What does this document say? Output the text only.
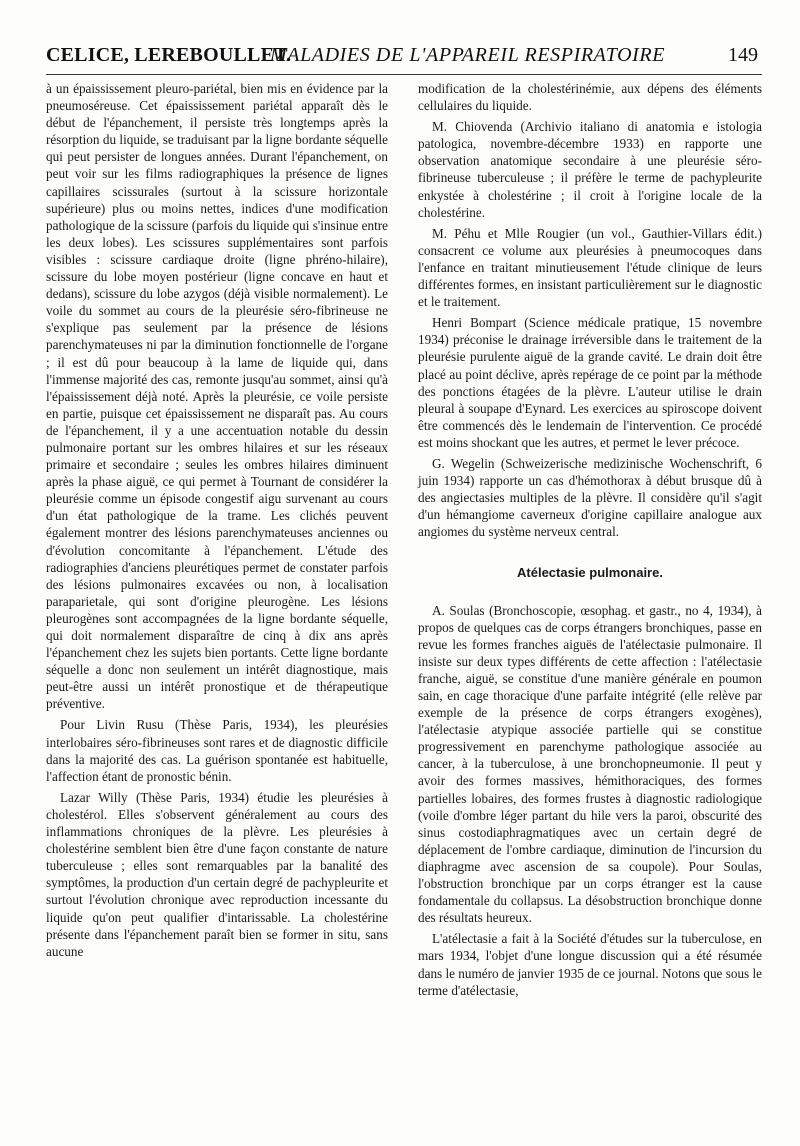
CELICE, LEREBOULLET.
MALADIES DE L'APPAREIL RESPIRATOIRE	149

à un épaississement pleuro-pariétal, bien mis en évidence par la pneumoséreuse. Cet épaississement pariétal apparaît dès le début de l'épanchement, il persiste très longtemps après la résorption du liquide, se traduisant par la ligne bordante séquelle qui peut persister de longues années. Durant l'épanchement, on peut voir sur les films radiographiques la présence de lignes capillaires scissurales (surtout à la scissure horizontale supérieure) plus ou moins nettes, indices d'une modification pathologique de la scissure (parfois du liquide qui s'insinue entre les deux lobes). Les scissures supplémentaires sont parfois visibles : scissure cardiaque droite (ligne phréno-hilaire), scissure du lobe moyen postérieur (ligne concave en haut et dedans), scissure du lobe azygos (déjà visible normalement). Le voile du sommet au cours de la pleurésie séro-fibrineuse ne s'explique pas seulement par la présence de lésions parenchymateuses ni par la diminution fonctionnelle de l'organe ; il est dû pour beaucoup à la lame de liquide qui, dans l'immense majorité des cas, remonte jusqu'au sommet, ainsi qu'à l'épaississement déjà noté. Après la pleurésie, ce voile persiste en partie, puisque cet épaississement ne disparaît pas. Au cours de l'épanchement, il y a une accentuation notable du dessin pulmonaire portant sur les ombres hilaires et sur les réseaux primaire et secondaire ; seules les ombres hilaires diminuent après la phase aiguë, ce qui permet à Tournant de considérer la pleurésie comme un épisode congestif aigu survenant au cours d'un état pathologique de la trame. Les clichés peuvent également montrer des lésions parenchymateuses anciennes ou d'évolution concomitante à l'épanchement. L'étude des radiographies d'anciens pleurétiques permet de constater parfois des lésions pulmonaires excavées ou non, à localisation paraparietale, qui sont d'origine pleurogène. Les lésions pleurogènes sont accompagnées de la ligne bordante séquelle, qui doit normalement disparaître de cinq à dix ans après l'épanchement chez les sujets bien portants. Cette ligne bordante séquelle a donc non seulement un intérêt diagnostique, mais peut-être aussi un intérêt pronostique et de thérapeutique préventive.

Pour Livin Rusu (Thèse Paris, 1934), les pleurésies interlobaires séro-fibrineuses sont rares et de diagnostic difficile dans la majorité des cas. La guérison spontanée est habituelle, l'affection étant de pronostic bénin.

Lazar Willy (Thèse Paris, 1934) étudie les pleurésies à cholestérol. Elles s'observent généralement au cours des inflammations chroniques de la plèvre. Les pleurésies à cholestérine semblent bien être d'une façon constante de nature tuberculeuse ; elles sont remarquables par la banalité des symptômes, la production d'un certain degré de pachypleurite et surtout l'évolution chronique avec reproduction incessante du liquide qu'on peut qualifier d'intarissable. La cholestérine présente dans l'épanchement paraît bien se former in situ, sans aucune

modification de la cholestérinémie, aux dépens des éléments cellulaires du liquide.

M. Chiovenda (Archivio italiano di anatomia e istologia patologica, novembre-décembre 1933) en rapporte une observation anatomique secondaire à une pleurésie séro-fibrineuse tuberculeuse ; il préfère le terme de pachypleurite enkystée à cholestérine ; il croit à l'origine locale de la cholestérine.

M. Péhu et Mlle Rougier (un vol., Gauthier-Villars édit.) consacrent ce volume aux pleurésies à pneumocoques dans l'enfance en traitant minutieusement l'étude clinique de leurs différentes formes, en insistant particulièrement sur le diagnostic et le traitement.

Henri Bompart (Science médicale pratique, 15 novembre 1934) préconise le drainage irréversible dans le traitement de la pleurésie purulente aiguë de la grande cavité. Le drain doit être placé au point déclive, après repérage de ce point par la méthode des ponctions étagées de la plèvre. L'auteur utilise le drain pleural à soupape d'Eynard. Les exercices au spiroscope doivent être commencés dès le lendemain de l'intervention. Ce procédé est moins shockant que les autres, et permet le lever précoce.

G. Wegelin (Schweizerische medizinische Wochenschrift, 6 juin 1934) rapporte un cas d'hémothorax à début brusque dû à des angiectasies multiples de la plèvre. Il considère qu'il s'agit d'un hémangiome caverneux d'origine capillaire analogue aux angiomes du système nerveux central.

Atélectasie pulmonaire.

A. Soulas (Bronchoscopie, œsophag. et gastr., no 4, 1934), à propos de quelques cas de corps étrangers bronchiques, passe en revue les formes franches aiguës de l'atélectasie pulmonaire. Il insiste sur deux types différents de cette affection : l'atélectasie franche, aiguë, se constitue d'une manière générale en poumon sain, en cage thoracique d'une parfaite intégrité (elle relève par exemple de la présence de corps étrangers exogènes), l'atélectasie atypique associée partielle qui se constitue progressivement en parenchyme pathologique associée au cancer, à la tuberculose, à une bronchopneumonie. Il peut y avoir des formes massives, hémithoraciques, des formes partielles lobaires, des formes frustes à diagnostic radiologique (voile d'ombre léger partant du hile vers la paroi, obscurité des sinus costodiaphragmatiques avec un certain degré de déplacement de l'ombre cardiaque, diminution de l'incursion du diaphragme avec ascension de sa coupole). Pour Soulas, l'obstruction bronchique par un corps étranger est la cause fondamentale du collapsus. La désobstruction bronchique donne des résultats heureux.

L'atélectasie a fait à la Société d'études sur la tuberculose, en mars 1934, l'objet d'une longue discussion qui a été résumée dans le numéro de janvier 1935 de ce journal. Notons que sous le terme d'atélectasie,
